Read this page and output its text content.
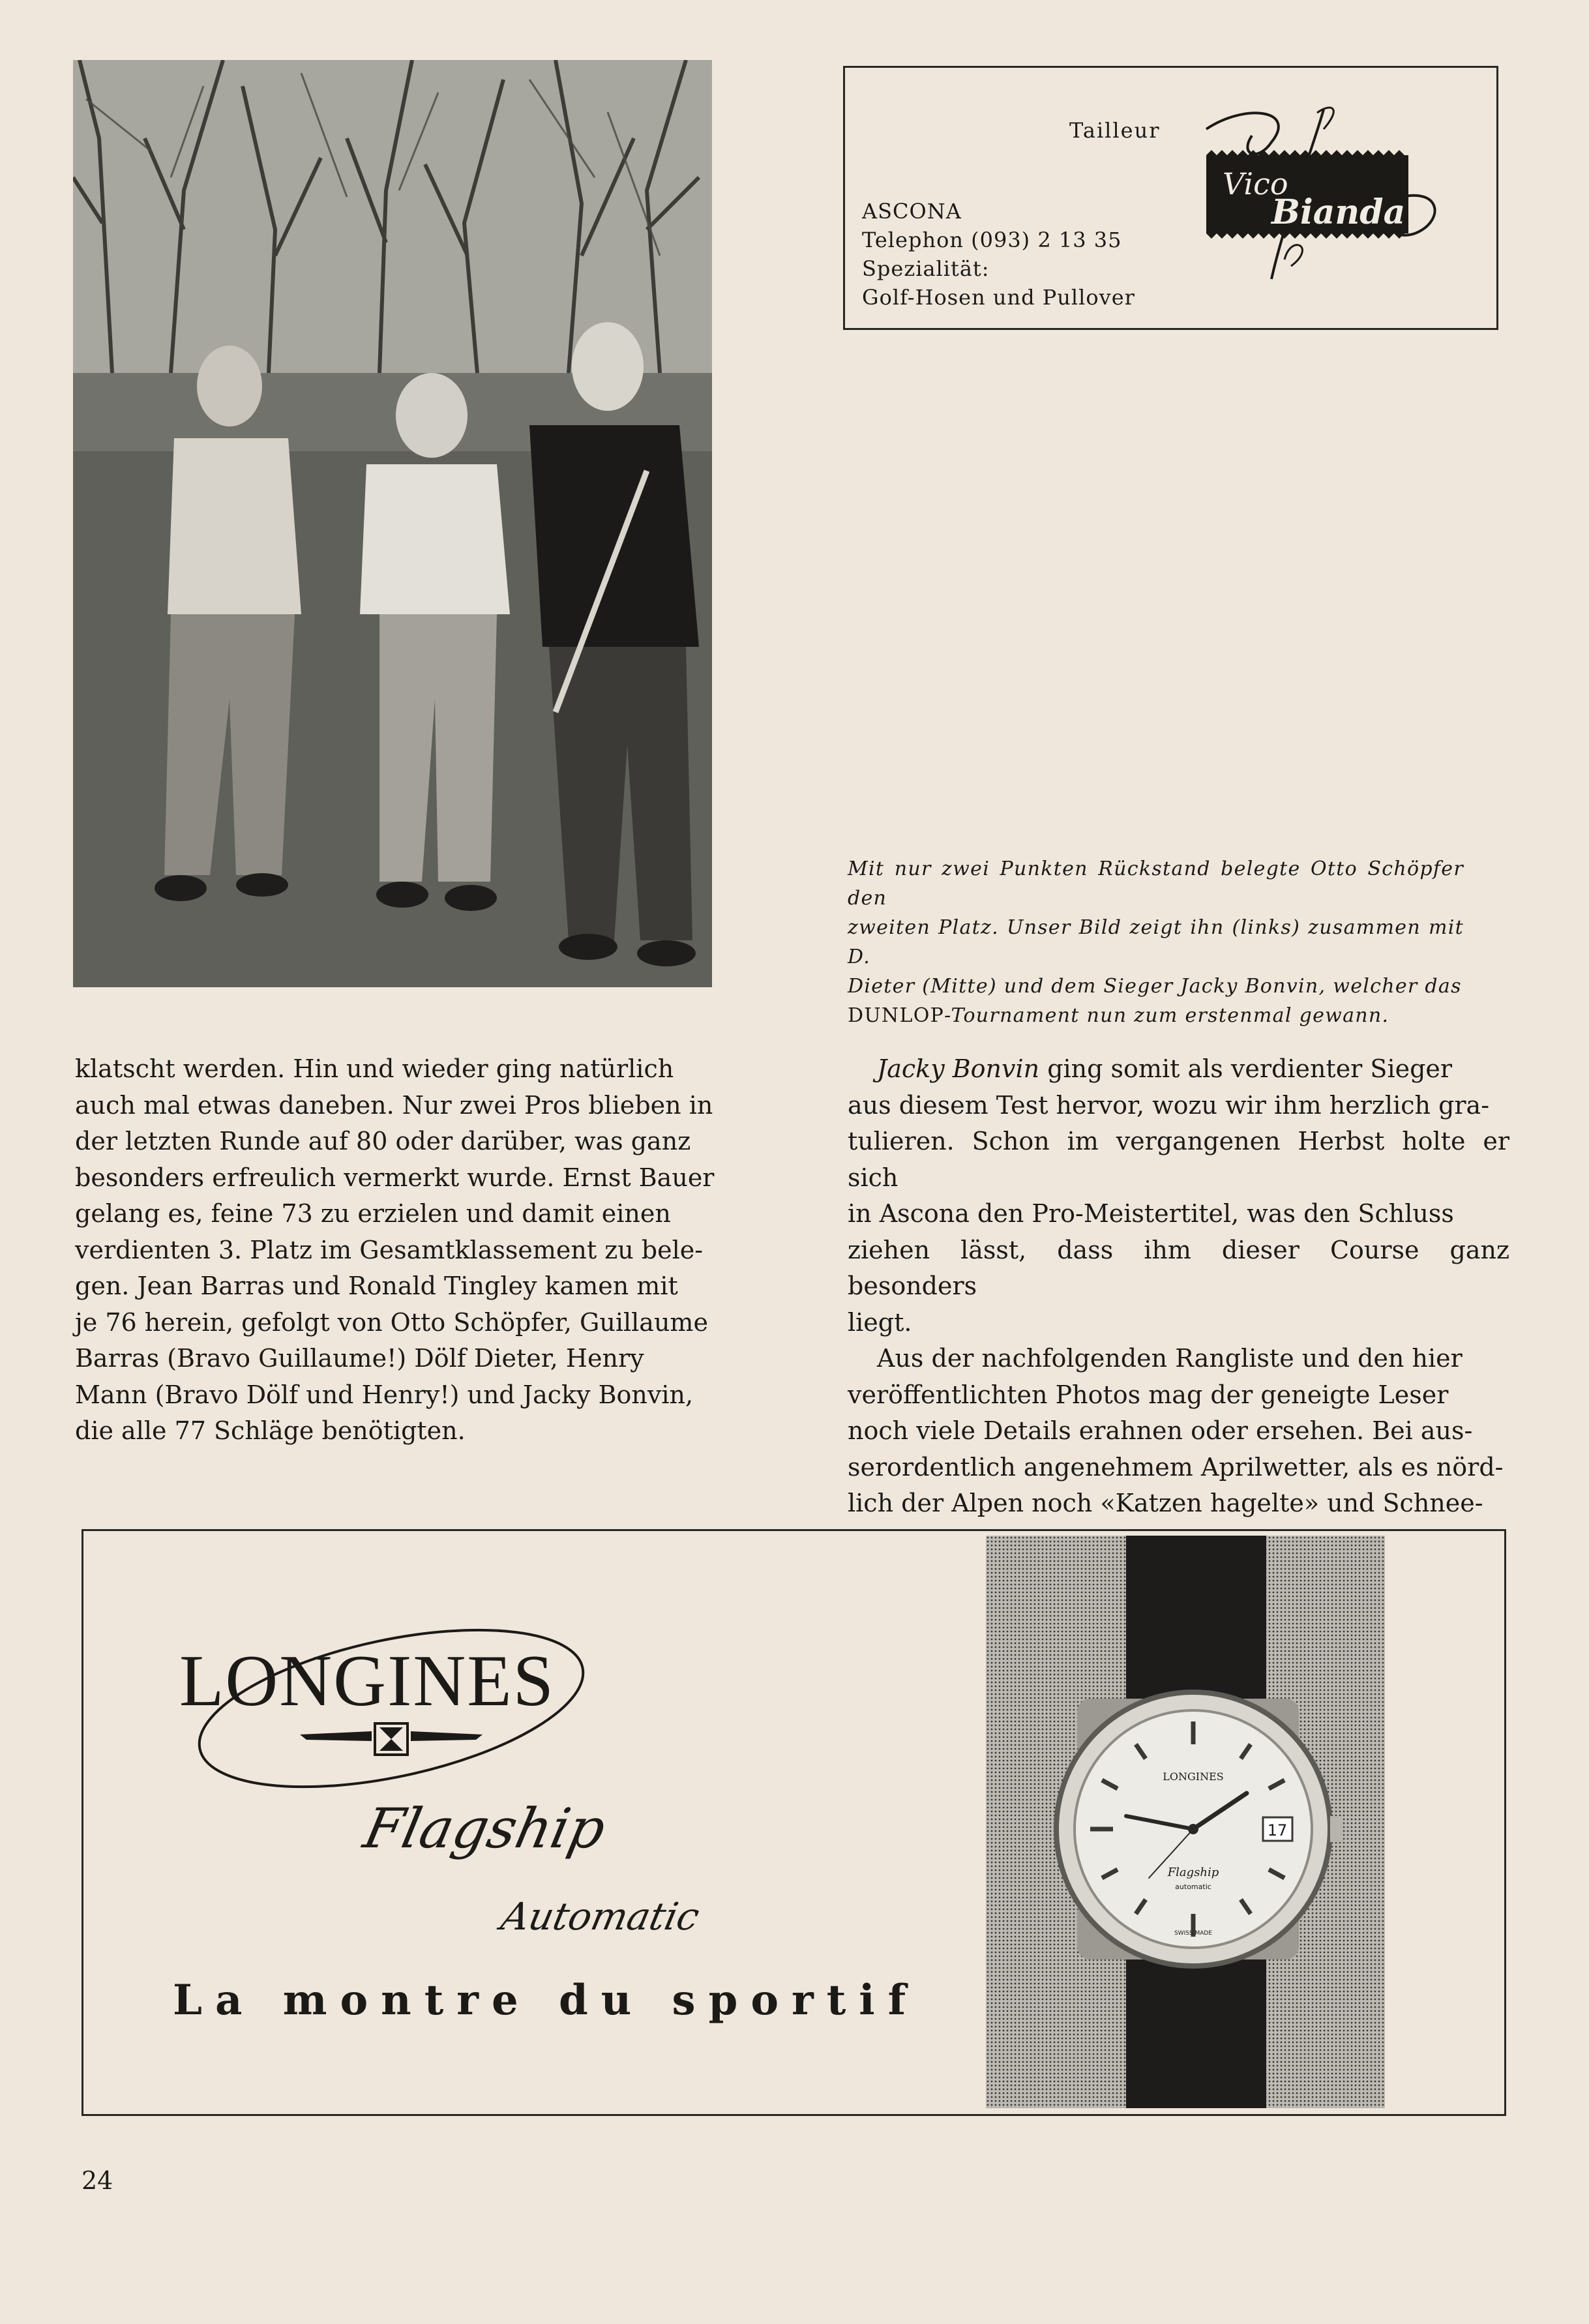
Tailleur
ASCONA
Telephon (093) 2 13 35
Spezialität:
Golf-Hosen und Pullover
Vico
Bianda
Mit nur zwei Punkten Rückstand belegte Otto Schöpfer den
zweiten Platz. Unser Bild zeigt ihn (links) zusammen mit D.
Dieter (Mitte) und dem Sieger Jacky Bonvin, welcher das
DUNLOP-Tournament nun zum erstenmal gewann.
klatscht werden. Hin und wieder ging natürlich
auch mal etwas daneben. Nur zwei Pros blieben in
der letzten Runde auf 80 oder darüber, was ganz
besonders erfreulich vermerkt wurde. Ernst Bauer
gelang es, feine 73 zu erzielen und damit einen
verdienten 3. Platz im Gesamtklassement zu bele-
gen. Jean Barras und Ronald Tingley kamen mit
je 76 herein, gefolgt von Otto Schöpfer, Guillaume
Barras (Bravo Guillaume!) Dölf Dieter, Henry
Mann (Bravo Dölf und Henry!) und Jacky Bonvin,
die alle 77 Schläge benötigten.
Jacky Bonvin ging somit als verdienter Sieger
aus diesem Test hervor, wozu wir ihm herzlich gra-
tulieren. Schon im vergangenen Herbst holte er sich
in Ascona den Pro-Meistertitel, was den Schluss
ziehen lässt, dass ihm dieser Course ganz besonders
liegt.
Aus der nachfolgenden Rangliste und den hier
veröffentlichten Photos mag der geneigte Leser
noch viele Details erahnen oder ersehen. Bei aus-
serordentlich angenehmem Aprilwetter, als es nörd-
lich der Alpen noch «Katzen hagelte» und Schnee-
LONGINES
Flagship
Automatic
La montre du sportif
17
LONGINES
Flagship
automatic
SWISS MADE
24
